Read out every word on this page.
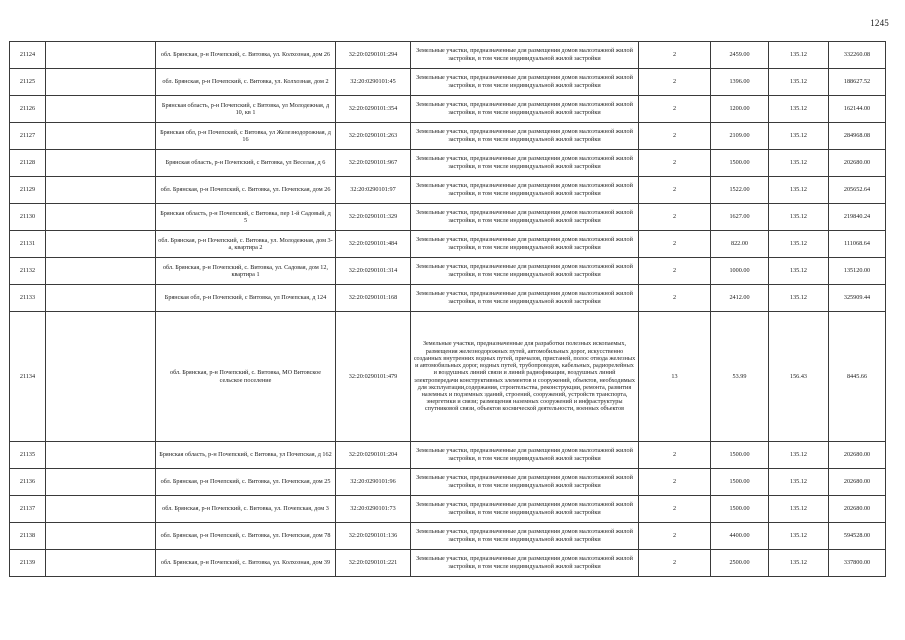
1245
21124		обл. Брянская, р-н Почепский, с. Витовка, ул. Колхозная, дом 26	32:20:0290101:294	Земельные участки, предназначенные для размещения домов малоэтажной жилой застройки, в том числе индивидуальной жилой застройки	2	2459.00	135.12	332260.08
21125		обл. Брянская, р-н Почепский, с. Витовка, ул. Колхозная, дом 2	32:20:0290101:45	Земельные участки, предназначенные для размещения домов малоэтажной жилой застройки, в том числе индивидуальной жилой застройки	2	1396.00	135.12	188627.52
21126		Брянская область, р-н Почепский, с Витовка, ул Молодежная, д 10, кв 1	32:20:0290101:354	Земельные участки, предназначенные для размещения домов малоэтажной жилой застройки, в том числе индивидуальной жилой застройки	2	1200.00	135.12	162144.00
21127		Брянская обл, р-н Почепский, с Витовка, ул Железнодорожная, д 16	32:20:0290101:263	Земельные участки, предназначенные для размещения домов малоэтажной жилой застройки, в том числе индивидуальной жилой застройки	2	2109.00	135.12	284968.08
21128		Брянская область, р-н Почепский, с Витовка, ул Веселая, д 6	32:20:0290101:967	Земельные участки, предназначенные для размещения домов малоэтажной жилой застройки, в том числе индивидуальной жилой застройки	2	1500.00	135.12	202680.00
21129		обл. Брянская, р-н Почепский, с. Витовка, ул. Почепская, дом 26	32:20:0290101:97	Земельные участки, предназначенные для размещения домов малоэтажной жилой застройки, в том числе индивидуальной жилой застройки	2	1522.00	135.12	205652.64
21130		Брянская область, р-н Почепский, с Витовка, пер 1-й Садовый, д 5	32:20:0290101:329	Земельные участки, предназначенные для размещения домов малоэтажной жилой застройки, в том числе индивидуальной жилой застройки	2	1627.00	135.12	219840.24
21131		обл. Брянская, р-н Почепский, с. Витовка, ул. Молодежная, дом 3-а, квартира 2	32:20:0290101:484	Земельные участки, предназначенные для размещения домов малоэтажной жилой застройки, в том числе индивидуальной жилой застройки	2	822.00	135.12	111068.64
21132		обл. Брянская, р-н Почепский, с. Витовка, ул. Садовая, дом 12, квартира 1	32:20:0290101:314	Земельные участки, предназначенные для размещения домов малоэтажной жилой застройки, в том числе индивидуальной жилой застройки	2	1000.00	135.12	135120.00
21133		Брянская обл, р-н Почепский, с Витовка, ул Почепская, д 124	32:20:0290101:168	Земельные участки, предназначенные для размещения домов малоэтажной жилой застройки, в том числе индивидуальной жилой застройки	2	2412.00	135.12	325909.44
21134		обл. Брянская, р-н Почепский, с. Витовка, МО Витовское сельское поселение	32:20:0290101:479	Земельные участки, предназначенные для разработки полезных ископаемых, размещения железнодорожных путей, автомобильных дорог, искусственно созданных внутренних водных путей, причалов, пристаней, полос отвода железных и автомобильных дорог, водных путей, трубопроводов, кабельных, радиорелейных и воздушных линий связи и линий радиофикации, воздушных линий электропередачи конструктивных элементов и сооружений, объектов, необходимых для эксплуатации,содержания, строительства, реконструкции, ремонта, развития наземных и подземных зданий, строений, сооружений, устройств транспорта, энергетики и связи; размещения наземных сооружений и инфраструктуры спутниковой связи, объектов космической деятельности, военных объектов	13	53.99	156.43	8445.66
21135		Брянская область, р-н Почепский, с Витовка, ул Почепская, д 162	32:20:0290101:204	Земельные участки, предназначенные для размещения домов малоэтажной жилой застройки, в том числе индивидуальной жилой застройки	2	1500.00	135.12	202680.00
21136		обл. Брянская, р-н Почепский, с. Витовка, ул. Почепская, дом 25	32:20:0290101:96	Земельные участки, предназначенные для размещения домов малоэтажной жилой застройки, в том числе индивидуальной жилой застройки	2	1500.00	135.12	202680.00
21137		обл. Брянская, р-н Почепский, с. Витовка, ул. Почепская, дом 3	32:20:0290101:73	Земельные участки, предназначенные для размещения домов малоэтажной жилой застройки, в том числе индивидуальной жилой застройки	2	1500.00	135.12	202680.00
21138		обл. Брянская, р-н Почепский, с. Витовка, ул. Почепская, дом 78	32:20:0290101:136	Земельные участки, предназначенные для размещения домов малоэтажной жилой застройки, в том числе индивидуальной жилой застройки	2	4400.00	135.12	594528.00
21139		обл. Брянская, р-н Почепский, с. Витовка, ул. Колхозная, дом 39	32:20:0290101:221	Земельные участки, предназначенные для размещения домов малоэтажной жилой застройки, в том числе индивидуальной жилой застройки	2	2500.00	135.12	337800.00
